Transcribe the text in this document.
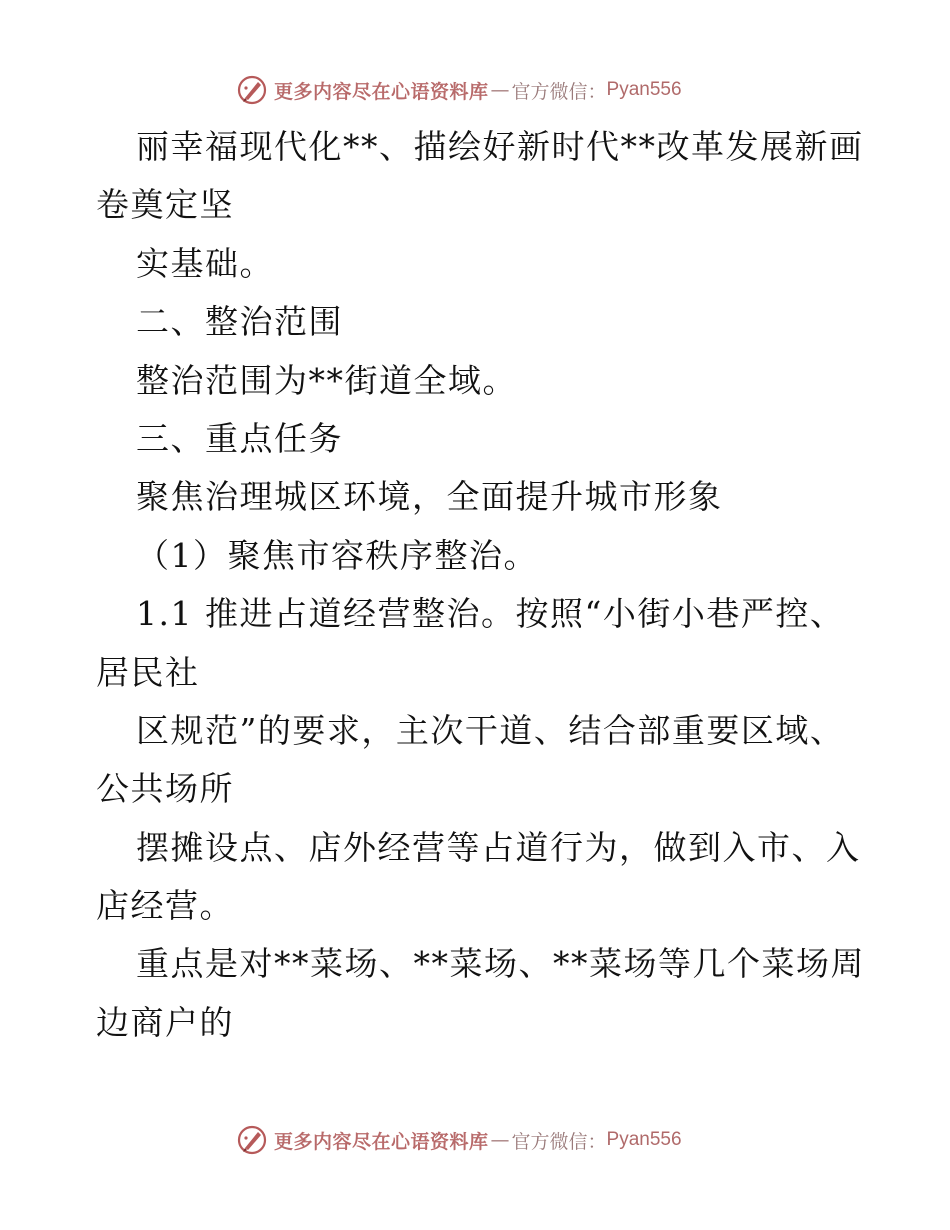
更多内容尽在心语资料库 — 官方微信： Pyan556
丽幸福现代化**、描绘好新时代**改革发展新画
卷奠定坚
实基础。
二、整治范围
整治范围为**街道全域。
三、重点任务
聚焦治理城区环境，全面提升城市形象
（1）聚焦市容秩序整治。
1.1 推进占道经营整治。按照“小街小巷严控、
居民社
区规范”的要求，主次干道、结合部重要区域、
公共场所
摆摊设点、店外经营等占道行为，做到入市、入
店经营。
重点是对**菜场、**菜场、**菜场等几个菜场周
边商户的
更多内容尽在心语资料库 — 官方微信： Pyan556
